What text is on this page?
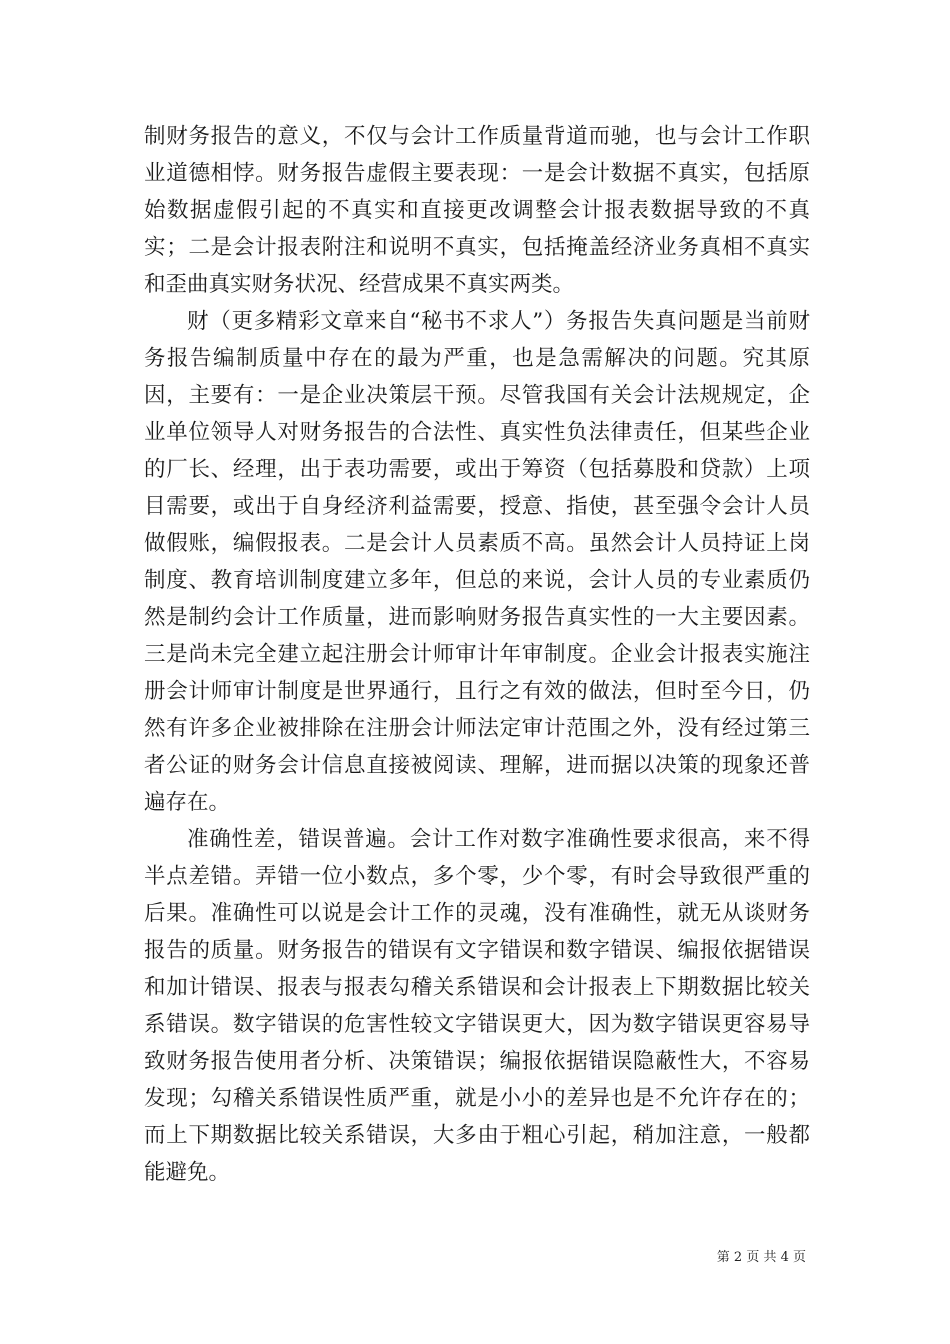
制财务报告的意义，不仅与会计工作质量背道而驰，也与会计工作职业道德相悖。财务报告虚假主要表现：一是会计数据不真实，包括原始数据虚假引起的不真实和直接更改调整会计报表数据导致的不真实；二是会计报表附注和说明不真实，包括掩盖经济业务真相不真实和歪曲真实财务状况、经营成果不真实两类。

财（更多精彩文章来自“秘书不求人”）务报告失真问题是当前财务报告编制质量中存在的最为严重，也是急需解决的问题。究其原因，主要有：一是企业决策层干预。尽管我国有关会计法规规定，企业单位领导人对财务报告的合法性、真实性负法律责任，但某些企业的厂长、经理，出于表功需要，或出于筹资（包括募股和贷款）上项目需要，或出于自身经济利益需要，授意、指使，甚至强令会计人员做假账，编假报表。二是会计人员素质不高。虽然会计人员持证上岗制度、教育培训制度建立多年，但总的来说，会计人员的专业素质仍然是制约会计工作质量，进而影响财务报告真实性的一大主要因素。三是尚未完全建立起注册会计师审计年审制度。企业会计报表实施注册会计师审计制度是世界通行，且行之有效的做法，但时至今日，仍然有许多企业被排除在注册会计师法定审计范围之外，没有经过第三者公证的财务会计信息直接被阅读、理解，进而据以决策的现象还普遍存在。

准确性差，错误普遍。会计工作对数字准确性要求很高，来不得半点差错。弄错一位小数点，多个零，少个零，有时会导致很严重的后果。准确性可以说是会计工作的灵魂，没有准确性，就无从谈财务报告的质量。财务报告的错误有文字错误和数字错误、编报依据错误和加计错误、报表与报表勾稽关系错误和会计报表上下期数据比较关系错误。数字错误的危害性较文字错误更大，因为数字错误更容易导致财务报告使用者分析、决策错误；编报依据错误隐蔽性大，不容易发现；勾稽关系错误性质严重，就是小小的差异也是不允许存在的；而上下期数据比较关系错误，大多由于粗心引起，稍加注意，一般都能避免。

第 2 页 共 4 页
